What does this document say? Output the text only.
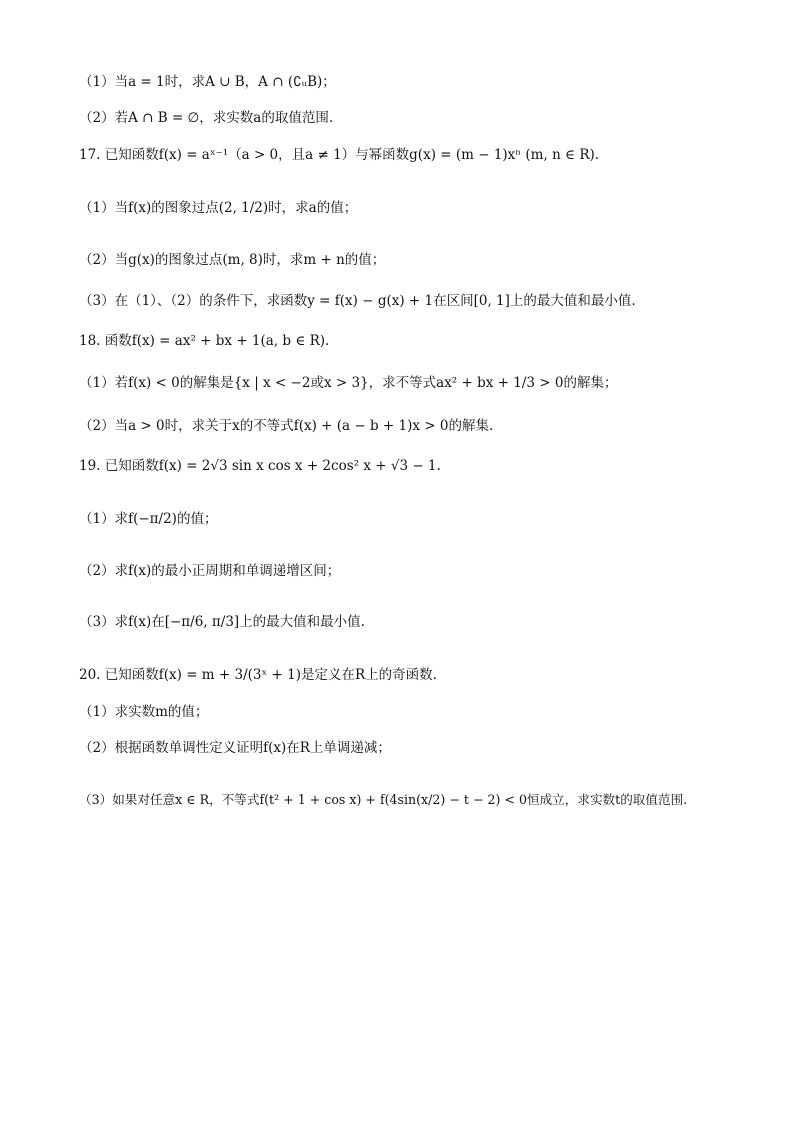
（1）当a = 1时，求A ∪ B，A ∩ (∁ᵤB)；
（2）若A ∩ B = ∅，求实数a的取值范围.
17. 已知函数f(x) = aˣ⁻¹（a > 0，且a ≠ 1）与幂函数g(x) = (m − 1)xⁿ (m, n ∈ R).
（1）当f(x)的图象过点(2, 1/2)时，求a的值；
（2）当g(x)的图象过点(m, 8)时，求m + n的值；
（3）在（1）、（2）的条件下，求函数y = f(x) − g(x) + 1在区间[0, 1]上的最大值和最小值.
18. 函数f(x) = ax² + bx + 1(a, b ∈ R).
（1）若f(x) < 0的解集是{x | x < −2或x > 3}，求不等式ax² + bx + 1/3 > 0的解集；
（2）当a > 0时，求关于x的不等式f(x) + (a − b + 1)x > 0的解集.
19. 已知函数f(x) = 2√3 sin x cos x + 2cos² x + √3 − 1.
（1）求f(−π/2)的值；
（2）求f(x)的最小正周期和单调递增区间；
（3）求f(x)在[−π/6, π/3]上的最大值和最小值.
20. 已知函数f(x) = m + 3/(3ˣ + 1)是定义在R上的奇函数.
（1）求实数m的值；
（2）根据函数单调性定义证明f(x)在R上单调递减；
（3）如果对任意x ∈ R，不等式f(t² + 1 + cos x) + f(4sin(x/2) − t − 2) < 0恒成立，求实数t的取值范围.
